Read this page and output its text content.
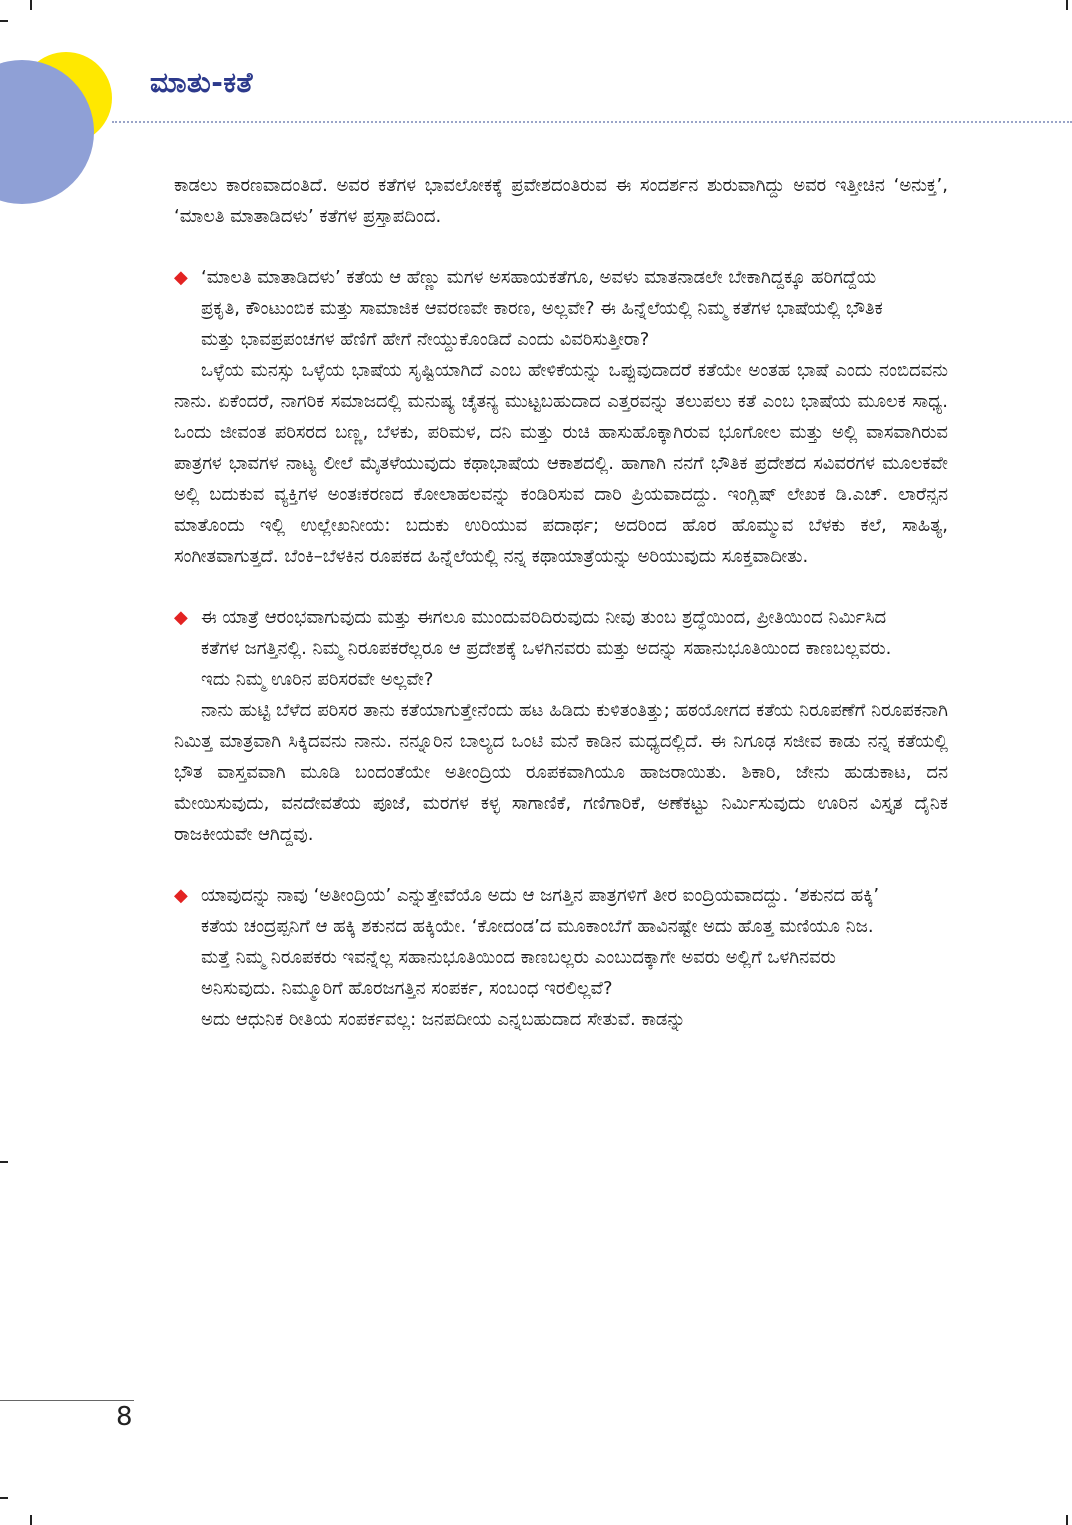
ಮಾತು-ಕತೆ

ಕಾಡಲು ಕಾರಣವಾದಂತಿದೆ. ಅವರ ಕತೆಗಳ ಭಾವಲೋಕಕ್ಕೆ ಪ್ರವೇಶದಂತಿರುವ ಈ ಸಂದರ್ಶನ ಶುರುವಾಗಿದ್ದು ಅವರ ಇತ್ತೀಚಿನ ‘ಅನುಕ್ತ’, ‘ಮಾಲತಿ ಮಾತಾಡಿದಳು’ ಕತೆಗಳ ಪ್ರಸ್ತಾಪದಿಂದ.

◆ ‘ಮಾಲತಿ ಮಾತಾಡಿದಳು’ ಕತೆಯ ಆ ಹೆಣ್ಣು ಮಗಳ ಅಸಹಾಯಕತೆಗೂ, ಅವಳು ಮಾತನಾಡಲೇ ಬೇಕಾಗಿದ್ದಕ್ಕೂ ಹರಿಗದ್ದೆಯ ಪ್ರಕೃತಿ, ಕೌಂಟುಂಬಿಕ ಮತ್ತು ಸಾಮಾಜಿಕ ಆವರಣವೇ ಕಾರಣ, ಅಲ್ಲವೇ? ಈ ಹಿನ್ನೆಲೆಯಲ್ಲಿ ನಿಮ್ಮ ಕತೆಗಳ ಭಾಷೆಯಲ್ಲಿ ಭೌತಿಕ ಮತ್ತು ಭಾವಪ್ರಪಂಚಗಳ ಹೆಣಿಗೆ ಹೇಗೆ ನೇಯ್ದುಕೊಂಡಿದೆ ಎಂದು ವಿವರಿಸುತ್ತೀರಾ?

ಒಳ್ಳೆಯ ಮನಸ್ಸು ಒಳ್ಳೆಯ ಭಾಷೆಯ ಸೃಷ್ಟಿಯಾಗಿದೆ ಎಂಬ ಹೇಳಿಕೆಯನ್ನು ಒಪ್ಪುವುದಾದರೆ ಕತೆಯೇ ಅಂತಹ ಭಾಷೆ ಎಂದು ನಂಬಿದವನು ನಾನು. ಏಕೆಂದರೆ, ನಾಗರಿಕ ಸಮಾಜದಲ್ಲಿ ಮನುಷ್ಯ ಚೈತನ್ಯ ಮುಟ್ಟಬಹುದಾದ ಎತ್ತರವನ್ನು ತಲುಪಲು ಕತೆ ಎಂಬ ಭಾಷೆಯ ಮೂಲಕ ಸಾಧ್ಯ. ಒಂದು ಜೀವಂತ ಪರಿಸರದ ಬಣ್ಣ, ಬೆಳಕು, ಪರಿಮಳ, ದನಿ ಮತ್ತು ರುಚಿ ಹಾಸುಹೊಕ್ಕಾಗಿರುವ ಭೂಗೋಲ ಮತ್ತು ಅಲ್ಲಿ ವಾಸವಾಗಿರುವ ಪಾತ್ರಗಳ ಭಾವಗಳ ನಾಟ್ಯ ಲೀಲೆ ಮೈತಳೆಯುವುದು ಕಥಾಭಾಷೆಯ ಆಕಾಶದಲ್ಲಿ. ಹಾಗಾಗಿ ನನಗೆ ಭೌತಿಕ ಪ್ರದೇಶದ ಸವಿವರಗಳ ಮೂಲಕವೇ ಅಲ್ಲಿ ಬದುಕುವ ವ್ಯಕ್ತಿಗಳ ಅಂತಃಕರಣದ ಕೋಲಾಹಲವನ್ನು ಕಂಡಿರಿಸುವ ದಾರಿ ಪ್ರಿಯವಾದದ್ದು. ಇಂಗ್ಲಿಷ್ ಲೇಖಕ ಡಿ.ಎಚ್. ಲಾರೆನ್ಸನ ಮಾತೊಂದು ಇಲ್ಲಿ ಉಲ್ಲೇಖನೀಯ: ಬದುಕು ಉರಿಯುವ ಪದಾರ್ಥ; ಅದರಿಂದ ಹೊರ ಹೊಮ್ಮುವ ಬೆಳಕು ಕಲೆ, ಸಾಹಿತ್ಯ, ಸಂಗೀತವಾಗುತ್ತದೆ. ಬೆಂಕಿ–ಬೆಳಕಿನ ರೂಪಕದ ಹಿನ್ನೆಲೆಯಲ್ಲಿ ನನ್ನ ಕಥಾಯಾತ್ರೆಯನ್ನು ಅರಿಯುವುದು ಸೂಕ್ತವಾದೀತು.

◆ ಈ ಯಾತ್ರೆ ಆರಂಭವಾಗುವುದು ಮತ್ತು ಈಗಲೂ ಮುಂದುವರಿದಿರುವುದು ನೀವು ತುಂಬ ಶ್ರದ್ಧೆಯಿಂದ, ಪ್ರೀತಿಯಿಂದ ನಿರ್ಮಿಸಿದ ಕತೆಗಳ ಜಗತ್ತಿನಲ್ಲಿ. ನಿಮ್ಮ ನಿರೂಪಕರೆಲ್ಲರೂ ಆ ಪ್ರದೇಶಕ್ಕೆ ಒಳಗಿನವರು ಮತ್ತು ಅದನ್ನು ಸಹಾನುಭೂತಿಯಿಂದ ಕಾಣಬಲ್ಲವರು. ಇದು ನಿಮ್ಮ ಊರಿನ ಪರಿಸರವೇ ಅಲ್ಲವೇ?

ನಾನು ಹುಟ್ಟಿ ಬೆಳೆದ ಪರಿಸರ ತಾನು ಕತೆಯಾಗುತ್ತೇನೆಂದು ಹಟ ಹಿಡಿದು ಕುಳಿತಂತಿತ್ತು; ಹಠಯೋಗದ ಕತೆಯ ನಿರೂಪಣೆಗೆ ನಿರೂಪಕನಾಗಿ ನಿಮಿತ್ತ ಮಾತ್ರವಾಗಿ ಸಿಕ್ಕಿದವನು ನಾನು. ನನ್ನೂರಿನ ಬಾಲ್ಯದ ಒಂಟಿ ಮನೆ ಕಾಡಿನ ಮಧ್ಯದಲ್ಲಿದೆ. ಈ ನಿಗೂಢ ಸಜೀವ ಕಾಡು ನನ್ನ ಕತೆಯಲ್ಲಿ ಭೌತ ವಾಸ್ತವವಾಗಿ ಮೂಡಿ ಬಂದಂತೆಯೇ ಅತೀಂದ್ರಿಯ ರೂಪಕವಾಗಿಯೂ ಹಾಜರಾಯಿತು. ಶಿಕಾರಿ, ಜೇನು ಹುಡುಕಾಟ, ದನ ಮೇಯಿಸುವುದು, ವನದೇವತೆಯ ಪೂಜೆ, ಮರಗಳ ಕಳ್ಳ ಸಾಗಾಣಿಕೆ, ಗಣಿಗಾರಿಕೆ, ಅಣೆಕಟ್ಟು ನಿರ್ಮಿಸುವುದು ಊರಿನ ವಿಸ್ತೃತ ದೈನಿಕ ರಾಜಕೀಯವೇ ಆಗಿದ್ದವು.

◆ ಯಾವುದನ್ನು ನಾವು ‘ಅತೀಂದ್ರಿಯ’ ಎನ್ನುತ್ತೇವೆಯೊ ಅದು ಆ ಜಗತ್ತಿನ ಪಾತ್ರಗಳಿಗೆ ತೀರ ಐಂದ್ರಿಯವಾದದ್ದು. ‘ಶಕುನದ ಹಕ್ಕಿ’ ಕತೆಯ ಚಂದ್ರಪ್ಪನಿಗೆ ಆ ಹಕ್ಕಿ ಶಕುನದ ಹಕ್ಕಿಯೇ. ‘ಕೋದಂಡ’ದ ಮೂಕಾಂಬೆಗೆ ಹಾವಿನಷ್ಟೇ ಅದು ಹೊತ್ತ ಮಣಿಯೂ ನಿಜ. ಮತ್ತೆ ನಿಮ್ಮ ನಿರೂಪಕರು ಇವನ್ನೆಲ್ಲ ಸಹಾನುಭೂತಿಯಿಂದ ಕಾಣಬಲ್ಲರು ಎಂಬುದಕ್ಕಾಗೇ ಅವರು ಅಲ್ಲಿಗೆ ಒಳಗಿನವರು ಅನಿಸುವುದು. ನಿಮ್ಮೂರಿಗೆ ಹೊರಜಗತ್ತಿನ ಸಂಪರ್ಕ, ಸಂಬಂಧ ಇರಲಿಲ್ಲವೆ?

ಅದು ಆಧುನಿಕ ರೀತಿಯ ಸಂಪರ್ಕವಲ್ಲ: ಜನಪದೀಯ ಎನ್ನಬಹುದಾದ ಸೇತುವೆ. ಕಾಡನ್ನು

8
